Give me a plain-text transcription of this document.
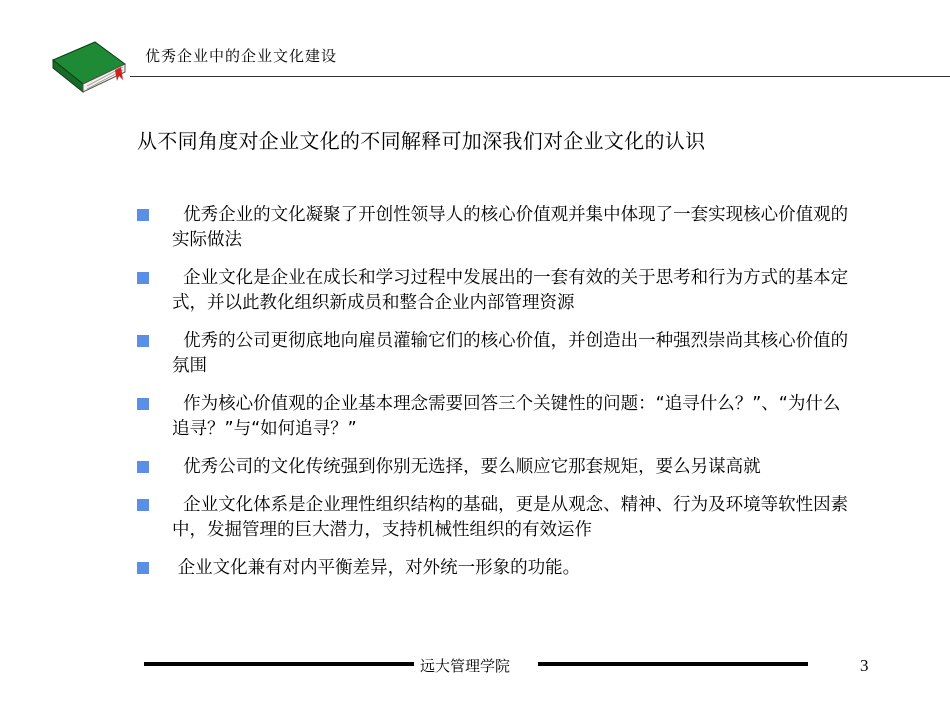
优秀企业中的企业文化建设
从不同角度对企业文化的不同解释可加深我们对企业文化的认识
优秀企业的文化凝聚了开创性领导人的核心价值观并集中体现了一套实现核心价值观的实际做法
企业文化是企业在成长和学习过程中发展出的一套有效的关于思考和行为方式的基本定式，并以此教化组织新成员和整合企业内部管理资源
优秀的公司更彻底地向雇员灌输它们的核心价值，并创造出一种强烈崇尚其核心价值的氛围
作为核心价值观的企业基本理念需要回答三个关键性的问题：“追寻什么？”、“为什么追寻？”与“如何追寻？”
优秀公司的文化传统强到你别无选择，要么顺应它那套规矩，要么另谋高就
企业文化体系是企业理性组织结构的基础，更是从观念、精神、行为及环境等软性因素中，发掘管理的巨大潜力，支持机械性组织的有效运作
企业文化兼有对内平衡差异，对外统一形象的功能。
远大管理学院	3
